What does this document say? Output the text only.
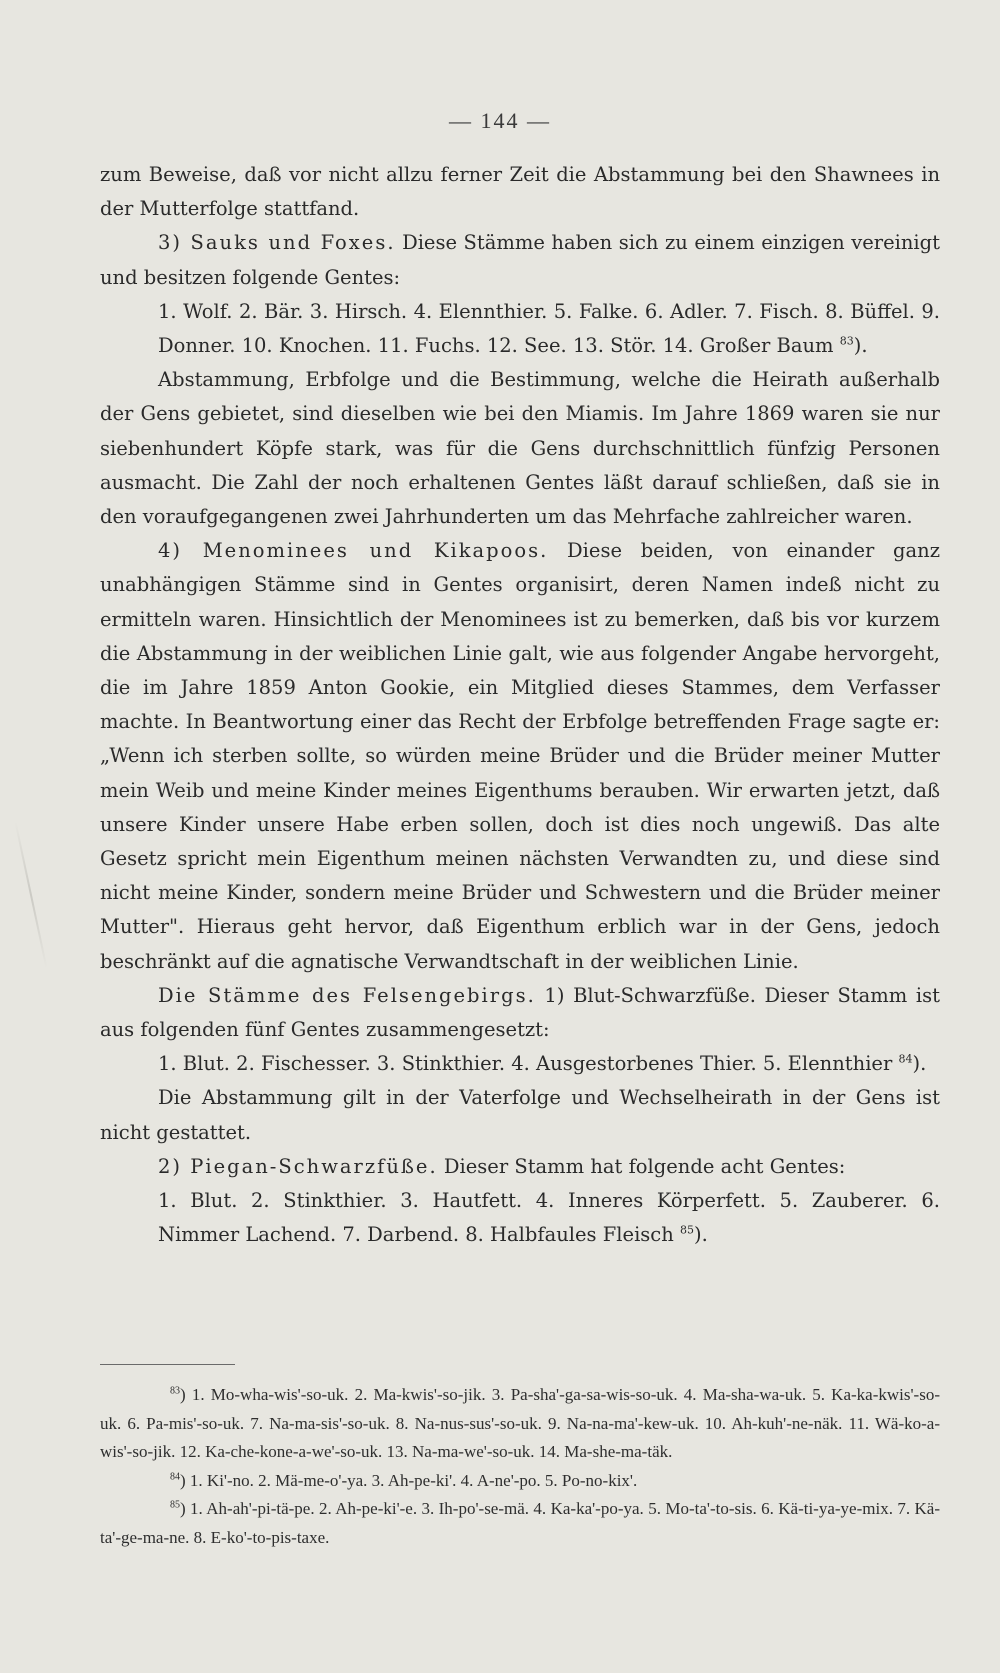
— 144 —

zum Beweise, daß vor nicht allzu ferner Zeit die Abstammung bei den Shawnees in der Mutterfolge stattfand.

3) Sauks und Foxes. Diese Stämme haben sich zu einem einzigen vereinigt und besitzen folgende Gentes:

1. Wolf. 2. Bär. 3. Hirsch. 4. Elennthier. 5. Falke. 6. Adler. 7. Fisch. 8. Büffel. 9. Donner. 10. Knochen. 11. Fuchs. 12. See. 13. Stör. 14. Großer Baum $^{83}$).

Abstammung, Erbfolge und die Bestimmung, welche die Heirath außerhalb der Gens gebietet, sind dieselben wie bei den Miamis. Im Jahre 1869 waren sie nur siebenhundert Köpfe stark, was für die Gens durchschnittlich fünfzig Personen ausmacht. Die Zahl der noch erhaltenen Gentes läßt darauf schließen, daß sie in den voraufgegangenen zwei Jahrhunderten um das Mehrfache zahlreicher waren.

4) Menominees und Kikapoos. Diese beiden, von einander ganz unabhängigen Stämme sind in Gentes organisirt, deren Namen indeß nicht zu ermitteln waren. Hinsichtlich der Menominees ist zu bemerken, daß bis vor kurzem die Abstammung in der weiblichen Linie galt, wie aus folgender Angabe hervorgeht, die im Jahre 1859 Anton Gookie, ein Mitglied dieses Stammes, dem Verfasser machte. In Beantwortung einer das Recht der Erbfolge betreffenden Frage sagte er: „Wenn ich sterben sollte, so würden meine Brüder und die Brüder meiner Mutter mein Weib und meine Kinder meines Eigenthums berauben. Wir erwarten jetzt, daß unsere Kinder unsere Habe erben sollen, doch ist dies noch ungewiß. Das alte Gesetz spricht mein Eigenthum meinen nächsten Verwandten zu, und diese sind nicht meine Kinder, sondern meine Brüder und Schwestern und die Brüder meiner Mutter". Hieraus geht hervor, daß Eigenthum erblich war in der Gens, jedoch beschränkt auf die agnatische Verwandtschaft in der weiblichen Linie.

Die Stämme des Felsengebirgs. 1) Blut-Schwarzfüße. Dieser Stamm ist aus folgenden fünf Gentes zusammengesetzt:

1. Blut. 2. Fischesser. 3. Stinkthier. 4. Ausgestorbenes Thier. 5. Elennthier $^{84}$).

Die Abstammung gilt in der Vaterfolge und Wechselheirath in der Gens ist nicht gestattet.

2) Piegan-Schwarzfüße. Dieser Stamm hat folgende acht Gentes:

1. Blut. 2. Stinkthier. 3. Hautfett. 4. Inneres Körperfett. 5. Zauberer. 6. Nimmer Lachend. 7. Darbend. 8. Halbfaules Fleisch $^{85}$).

$^{83}$) 1. Mo-wha-wis'-so-uk. 2. Ma-kwis'-so-jik. 3. Pa-sha'-ga-sa-wis-so-uk. 4. Ma-sha-wa-uk. 5. Ka-ka-kwis'-so-uk. 6. Pa-mis'-so-uk. 7. Na-ma-sis'-so-uk. 8. Na-nus-sus'-so-uk. 9. Na-na-ma'-kew-uk. 10. Ah-kuh'-ne-näk. 11. Wä-ko-a-wis'-so-jik. 12. Ka-che-kone-a-we'-so-uk. 13. Na-ma-we'-so-uk. 14. Ma-she-ma-täk.

$^{84}$) 1. Ki'-no. 2. Mä-me-o'-ya. 3. Ah-pe-ki'. 4. A-ne'-po. 5. Po-no-kix'.

$^{85}$) 1. Ah-ah'-pi-tä-pe. 2. Ah-pe-ki'-e. 3. Ih-po'-se-mä. 4. Ka-ka'-po-ya. 5. Mo-ta'-to-sis. 6. Kä-ti-ya-ye-mix. 7. Kä-ta'-ge-ma-ne. 8. E-ko'-to-pis-taxe.
